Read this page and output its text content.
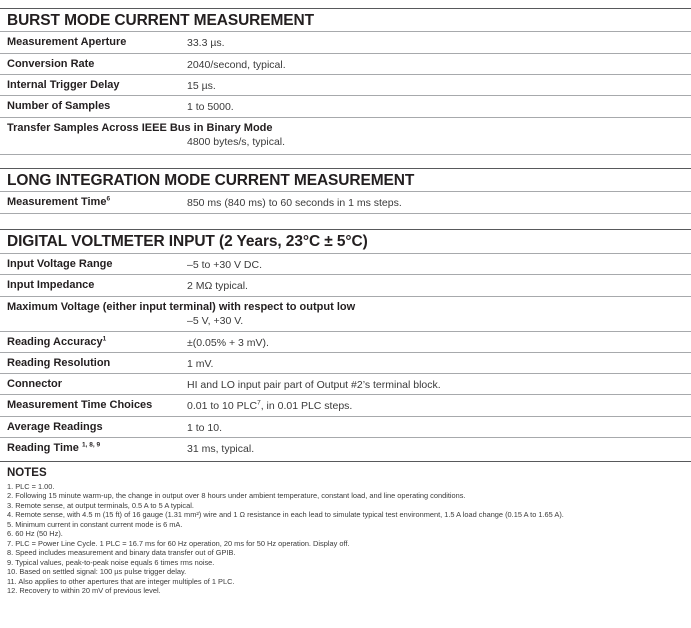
BURST MODE CURRENT MEASUREMENT
Measurement Aperture	33.3 µs.
Conversion Rate	2040/second, typical.
Internal Trigger Delay	15 µs.
Number of Samples	1 to 5000.
Transfer Samples Across IEEE Bus in Binary Mode
4800 bytes/s, typical.
LONG INTEGRATION MODE CURRENT MEASUREMENT
Measurement Time$^6$	850 ms (840 ms) to 60 seconds in 1 ms steps.
DIGITAL VOLTMETER INPUT (2 Years, 23°C ± 5°C)
Input Voltage Range	–5 to +30 V DC.
Input Impedance	2 MΩ typical.
Maximum Voltage (either input terminal) with respect to output low
–5 V, +30 V.
Reading Accuracy$^1$	±(0.05% + 3 mV).
Reading Resolution	1 mV.
Connector	HI and LO input pair part of Output #2’s terminal block.
Measurement Time Choices	0.01 to 10 PLC$^7$, in 0.01 PLC steps.
Average Readings	1 to 10.
Reading Time $^{1, 8, 9}$	31 ms, typical.
NOTES
1. PLC = 1.00.
2. Following 15 minute warm-up, the change in output over 8 hours under ambient temperature, constant load, and line operating conditions.
3. Remote sense, at output terminals, 0.5 A to 5 A typical.
4. Remote sense, with 4.5 m (15 ft) of 16 gauge (1.31 mm²) wire and 1 Ω resistance in each lead to simulate typical test environment, 1.5 A load change (0.15 A to 1.65 A).
5. Minimum current in constant current mode is 6 mA.
6. 60 Hz (50 Hz).
7. PLC = Power Line Cycle. 1 PLC = 16.7 ms for 60 Hz operation, 20 ms for 50 Hz operation. Display off.
8. Speed includes measurement and binary data transfer out of GPIB.
9. Typical values, peak-to-peak noise equals 6 times rms noise.
10. Based on settled signal: 100 µs pulse trigger delay.
11. Also applies to other apertures that are integer multiples of 1 PLC.
12. Recovery to within 20 mV of previous level.
